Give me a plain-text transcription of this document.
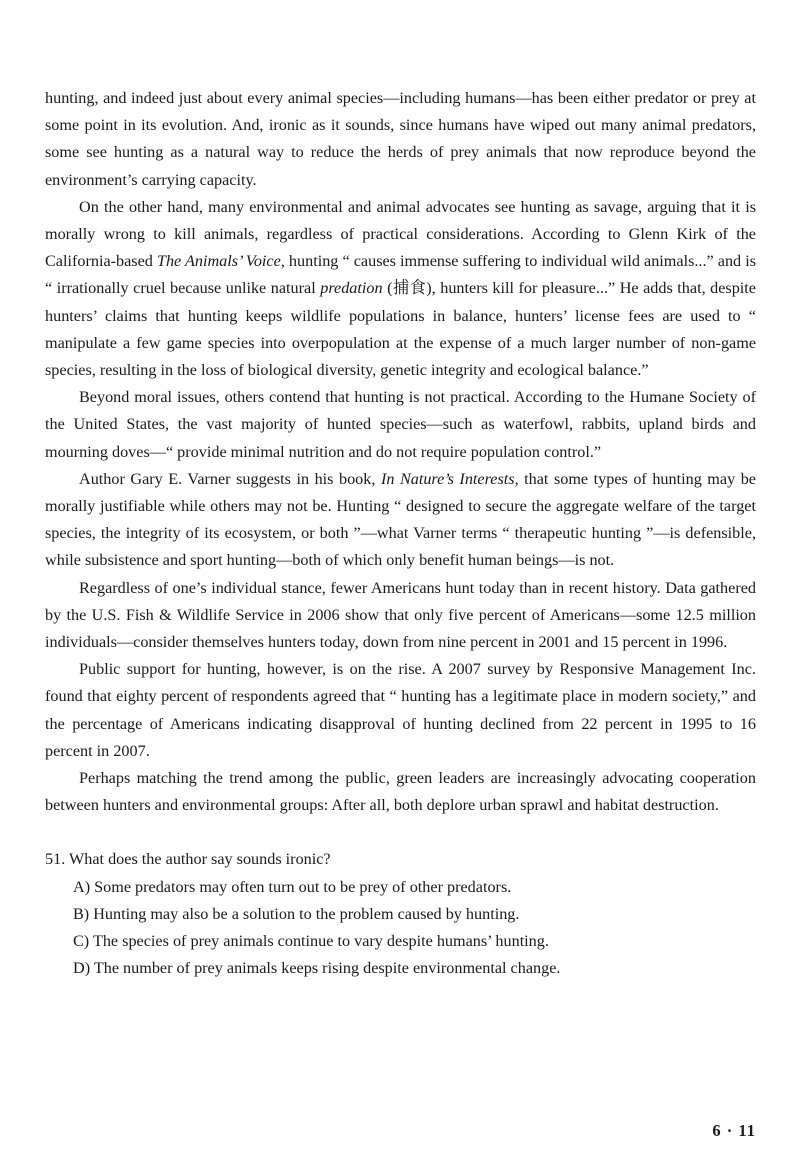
hunting, and indeed just about every animal species—including humans—has been either predator or prey at some point in its evolution. And, ironic as it sounds, since humans have wiped out many animal predators, some see hunting as a natural way to reduce the herds of prey animals that now reproduce beyond the environment’s carrying capacity.

On the other hand, many environmental and animal advocates see hunting as savage, arguing that it is morally wrong to kill animals, regardless of practical considerations. According to Glenn Kirk of the California-based The Animals’ Voice, hunting “ causes immense suffering to individual wild animals...” and is “ irrationally cruel because unlike natural predation (捕食), hunters kill for pleasure...” He adds that, despite hunters’ claims that hunting keeps wildlife populations in balance, hunters’ license fees are used to “ manipulate a few game species into overpopulation at the expense of a much larger number of non-game species, resulting in the loss of biological diversity, genetic integrity and ecological balance.”

Beyond moral issues, others contend that hunting is not practical. According to the Humane Society of the United States, the vast majority of hunted species—such as waterfowl, rabbits, upland birds and mourning doves—“ provide minimal nutrition and do not require population control.”

Author Gary E. Varner suggests in his book, In Nature’s Interests, that some types of hunting may be morally justifiable while others may not be. Hunting “ designed to secure the aggregate welfare of the target species, the integrity of its ecosystem, or both ”—what Varner terms “ therapeutic hunting ”—is defensible, while subsistence and sport hunting—both of which only benefit human beings—is not.

Regardless of one’s individual stance, fewer Americans hunt today than in recent history. Data gathered by the U.S. Fish & Wildlife Service in 2006 show that only five percent of Americans—some 12.5 million individuals—consider themselves hunters today, down from nine percent in 2001 and 15 percent in 1996.

Public support for hunting, however, is on the rise. A 2007 survey by Responsive Management Inc. found that eighty percent of respondents agreed that “ hunting has a legitimate place in modern society,” and the percentage of Americans indicating disapproval of hunting declined from 22 percent in 1995 to 16 percent in 2007.

Perhaps matching the trend among the public, green leaders are increasingly advocating cooperation between hunters and environmental groups: After all, both deplore urban sprawl and habitat destruction.

51. What does the author say sounds ironic?

A) Some predators may often turn out to be prey of other predators.

B) Hunting may also be a solution to the problem caused by hunting.

C) The species of prey animals continue to vary despite humans’ hunting.

D) The number of prey animals keeps rising despite environmental change.

6 · 11
